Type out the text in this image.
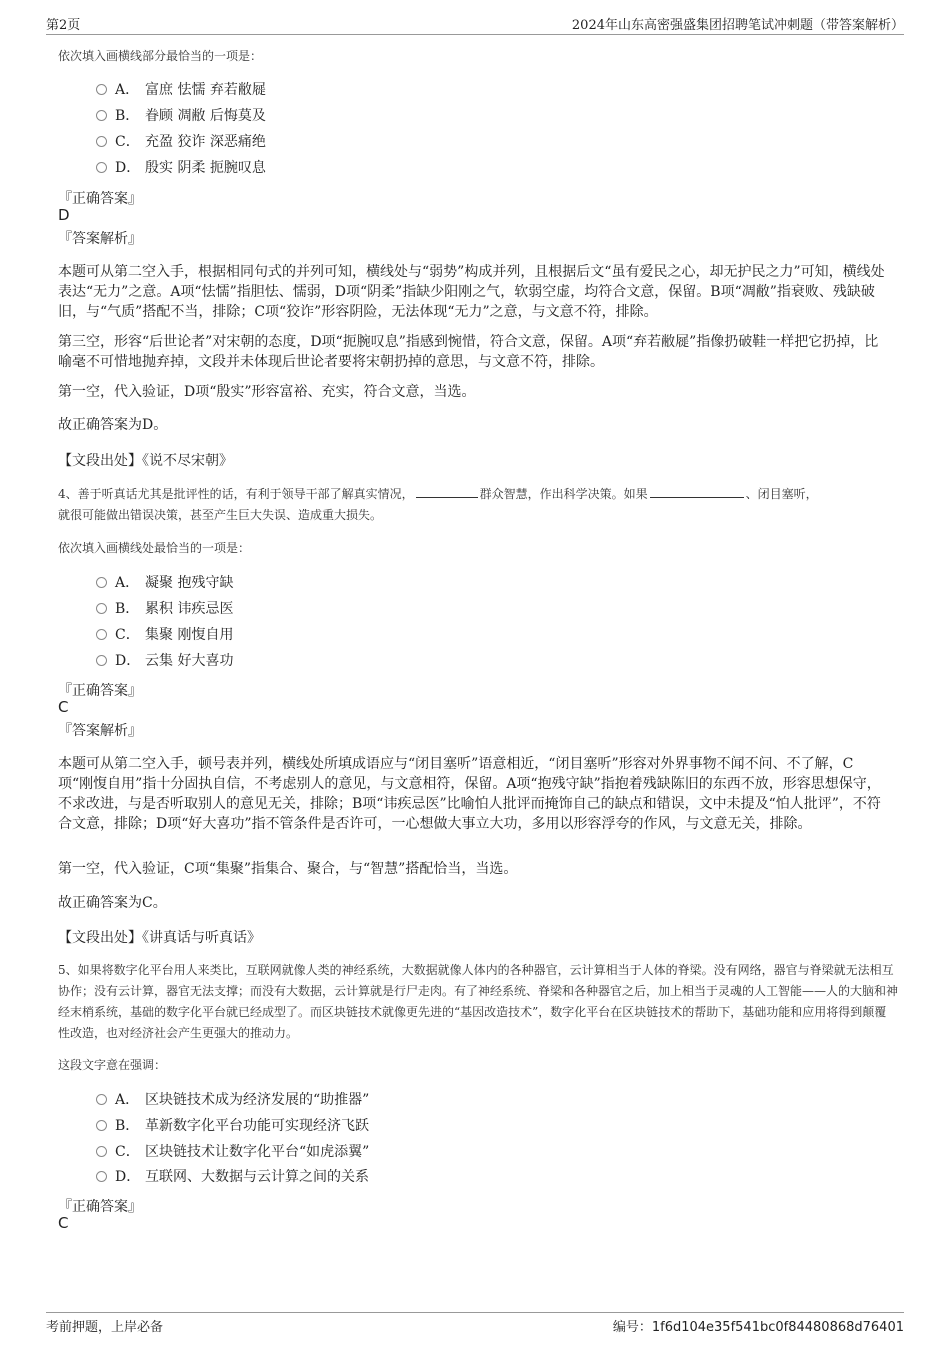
第2页	2024年山东高密强盛集团招聘笔试冲刺题（带答案解析）
依次填入画横线部分最恰当的一项是：
A． 富庶 怯懦 弃若敝屣
B． 眷顾 凋敝 后悔莫及
C． 充盈 狡诈 深恶痛绝
D． 殷实 阴柔 扼腕叹息
『正确答案』
D
『答案解析』
本题可从第二空入手，根据相同句式的并列可知，横线处与“弱势”构成并列，且根据后文“虽有爱民之心，却无护民之力”可知，横线处表达“无力”之意。A项“怯懦”指胆怯、懦弱，D项“阴柔”指缺少阳刚之气，软弱空虚，均符合文意，保留。B项“凋敝”指衰败、残缺破旧，与“气质”搭配不当，排除；C项“狡诈”形容阴险，无法体现“无力”之意，与文意不符，排除。
第三空，形容“后世论者”对宋朝的态度，D项“扼腕叹息”指感到惋惜，符合文意，保留。A项“弃若敝屣”指像扔破鞋一样把它扔掉，比喻毫不可惜地抛弃掉，文段并未体现后世论者要将宋朝扔掉的意思，与文意不符，排除。
第一空，代入验证，D项“殷实”形容富裕、充实，符合文意，当选。
故正确答案为D。
【文段出处】《说不尽宋朝》
4、善于听真话尤其是批评性的话，有利于领导干部了解真实情况，	群众智慧，作出科学决策。如果	、闭目塞听，
就很可能做出错误决策，甚至产生巨大失误、造成重大损失。
依次填入画横线处最恰当的一项是：
A． 凝聚 抱残守缺
B． 累积 讳疾忌医
C． 集聚 刚愎自用
D． 云集 好大喜功
『正确答案』
C
『答案解析』
本题可从第二空入手，顿号表并列，横线处所填成语应与“闭目塞听”语意相近，“闭目塞听”形容对外界事物不闻不问、不了解，C项“刚愎自用”指十分固执自信，不考虑别人的意见，与文意相符，保留。A项“抱残守缺”指抱着残缺陈旧的东西不放，形容思想保守，不求改进，与是否听取别人的意见无关，排除；B项“讳疾忌医”比喻怕人批评而掩饰自己的缺点和错误，文中未提及“怕人批评”，不符合文意，排除；D项“好大喜功”指不管条件是否许可，一心想做大事立大功，多用以形容浮夸的作风，与文意无关，排除。
第一空，代入验证，C项“集聚”指集合、聚合，与“智慧”搭配恰当，当选。
故正确答案为C。
【文段出处】《讲真话与听真话》
5、如果将数字化平台用人来类比，互联网就像人类的神经系统，大数据就像人体内的各种器官，云计算相当于人体的脊梁。没有网络，器官与脊梁就无法相互协作；没有云计算，器官无法支撑；而没有大数据，云计算就是行尸走肉。有了神经系统、脊梁和各种器官之后，加上相当于灵魂的人工智能——人的大脑和神经末梢系统，基础的数字化平台就已经成型了。而区块链技术就像更先进的“基因改造技术”，数字化平台在区块链技术的帮助下，基础功能和应用将得到颠覆性改造，也对经济社会产生更强大的推动力。
这段文字意在强调：
A． 区块链技术成为经济发展的“助推器”
B． 革新数字化平台功能可实现经济飞跃
C． 区块链技术让数字化平台“如虎添翼”
D． 互联网、大数据与云计算之间的关系
『正确答案』
C
考前押题，上岸必备	编号：1f6d104e35f541bc0f84480868d76401
